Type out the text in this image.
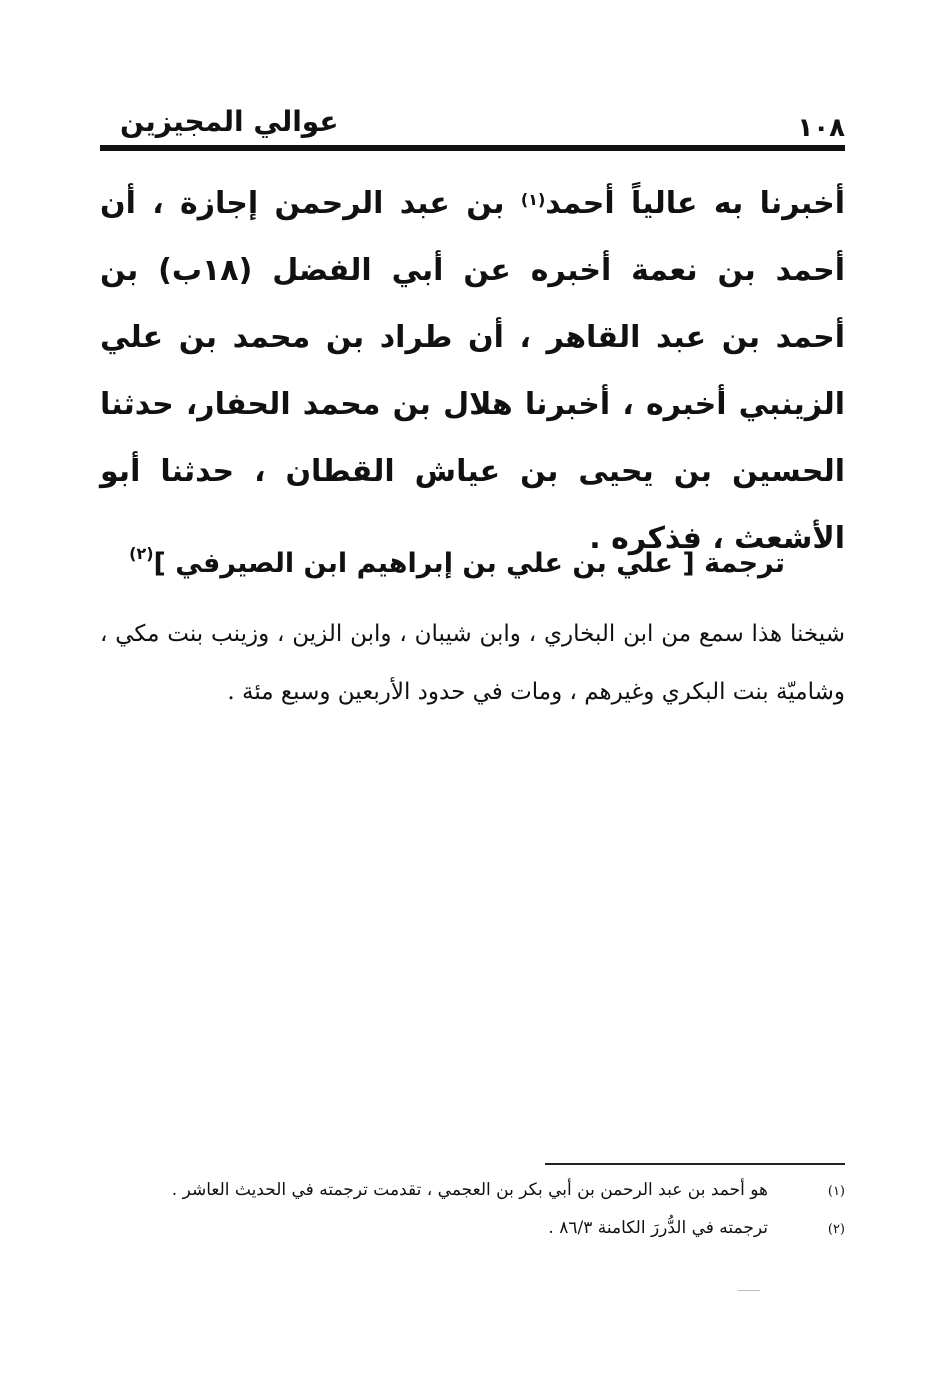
١٠٨
عوالي المجيزين
أخبرنا به عالياً أحمد$^{(١)}$ بن عبد الرحمن إجازة ، أن أحمد بن نعمة أخبره عن أبي الفضل (١٨ب) بن أحمد بن عبد القاهر ، أن طراد بن محمد بن علي الزينبي أخبره ، أخبرنا هلال بن محمد الحفار، حدثنا الحسين بن يحيى بن عياش القطان ، حدثنا أبو الأشعث ، فذكره .
ترجمة [ علي بن علي بن إبراهيم ابن الصيرفي ]$^{(٢)}$
شيخنا هذا سمع من ابن البخاري ، وابن شيبان ، وابن الزين ، وزينب بنت مكي ، وشاميّة بنت البكري وغيرهم ، ومات في حدود الأربعين وسبع مئة .
(١)
هو أحمد بن عبد الرحمن بن أبي بكر بن العجمي ، تقدمت ترجمته في الحديث العاشر .
(٢)
ترجمته في الدُّررَ الكامنة ٨٦/٣ .
